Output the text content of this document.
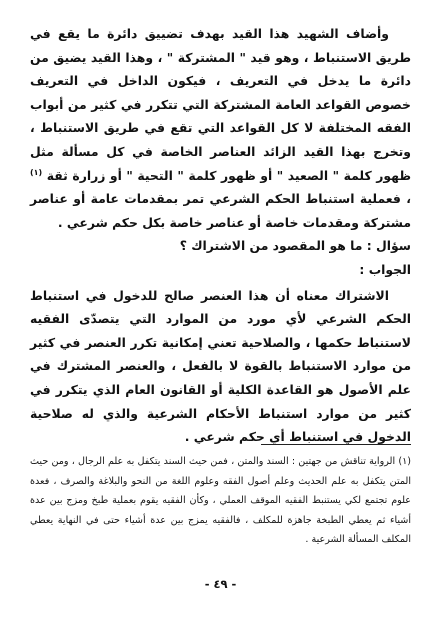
وأضاف الشهيد هذا القيد بهدف تضييق دائرة ما يقع في طريق الاستنباط ، وهو قيد " المشتركة " ، وهذا القيد يضيق من دائرة ما يدخل في التعريف ، فيكون الداخل في التعريف خصوص القواعد العامة المشتركة التي تتكرر في كثير من أبواب الفقه المختلفة لا كل القواعد التي تقع في طريق الاستنباط ، وتخرج بهذا القيد الزائد العناصر الخاصة في كل مسألة مثل ظهور كلمة " الصعيد " أو ظهور كلمة " التحية " أو زرارة ثقة $^{(١)}$ ، فعملية استنباط الحكم الشرعي تمر بمقدمات عامة أو عناصر مشتركة ومقدمات خاصة أو عناصر خاصة بكل حكم شرعي .

سؤال : ما هو المقصود من الاشتراك ؟

الجواب :

الاشتراك معناه أن هذا العنصر صالح للدخول في استنباط الحكم الشرعي لأي مورد من الموارد التي يتصدّى الفقيه لاستنباط حكمها ، والصلاحية تعني إمكانية تكرر العنصر في كثير من موارد الاستنباط بالقوة لا بالفعل ، والعنصر المشترك في علم الأصول هو القاعدة الكلية أو القانون العام الذي يتكرر في كثير من موارد استنباط الأحكام الشرعية والذي له صلاحية الدخول في استنباط أي حكم شرعي .

(١) الرواية تناقش من جهتين : السند والمتن ، فمن حيث السند يتكفل به علم الرجال ، ومن حيث المتن يتكفل به علم الحديث وعلم أصول الفقه وعلوم اللغة من النحو والبلاغة والصرف ، فعدة علوم تجتمع لكي يستنبط الفقيه الموقف العملي ، وكأن الفقيه يقوم بعملية طبخ ومزج بين عدة أشياء ثم يعطي الطبخة جاهزة للمكلف ، فالفقيه يمزج بين عدة أشياء حتى في النهاية يعطي المكلف المسألة الشرعية .

- ٤٩ -
